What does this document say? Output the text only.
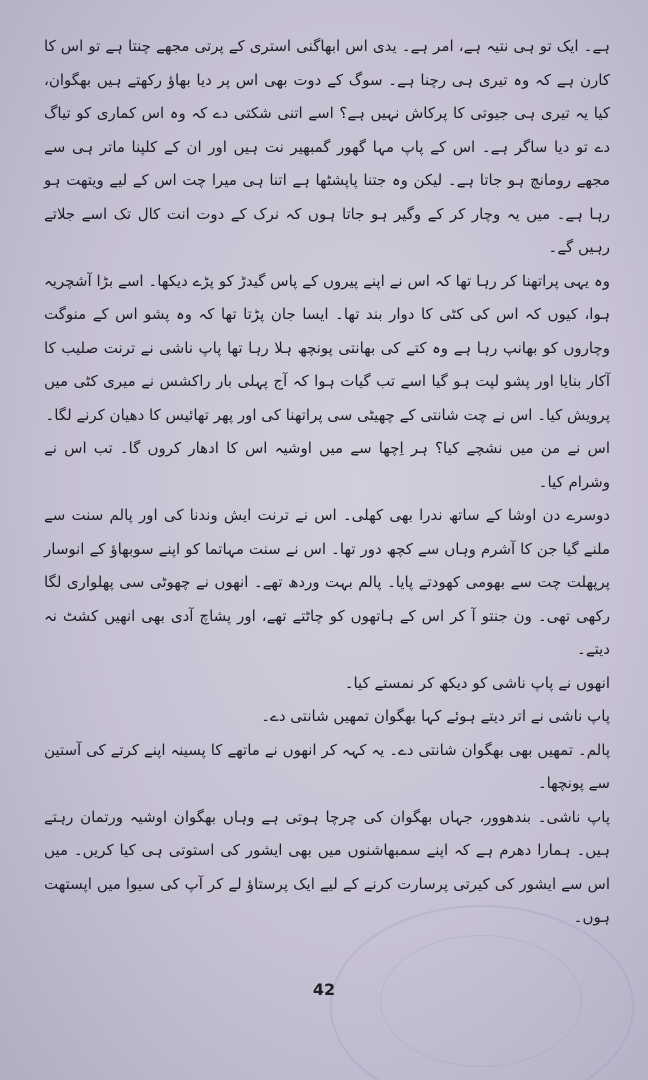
ہے۔ ایک تو ہی نتیہ ہے، امر ہے۔ یدی اس ابھاگنی استری کے پرتی مجھے چنتا ہے تو اس کا کارن ہے کہ وہ تیری ہی رچنا ہے۔ سوگ کے دوت بھی اس پر دیا بھاؤ رکھتے ہیں بھگوان، کیا یہ تیری ہی جیوتی کا پرکاش نہیں ہے؟ اسے اتنی شکتی دے کہ وہ اس کماری کو تیاگ دے تو دیا ساگر ہے۔ اس کے پاپ مہا گھور گمبھیر نت ہیں اور ان کے کلپنا ماتر ہی سے مجھے رومانچ ہو جاتا ہے۔ لیکن وہ جتنا پاپشٹھا ہے اتنا ہی میرا چت اس کے لیے ویتھت ہو رہا ہے۔ میں یہ وچار کر کے وگیر ہو جاتا ہوں کہ نرک کے دوت انت کال تک اسے جلاتے رہیں گے۔

وہ یہی پراتھنا کر رہا تھا کہ اس نے اپنے پیروں کے پاس گیدڑ کو پڑے دیکھا۔ اسے بڑا آشچریہ ہوا، کیوں کہ اس کی کٹی کا دوار بند تھا۔ ایسا جان پڑتا تھا کہ وہ پشو اس کے منوگت وچاروں کو بھانپ رہا ہے وہ کتے کی بھانتی پونچھ ہلا رہا تھا پاپ ناشی نے ترنت صلیب کا آکار بنایا اور پشو لپت ہو گیا اسے تب گیات ہوا کہ آج پہلی بار راکشس نے میری کٹی میں پرویش کیا۔ اس نے چت شانتی کے چھیٹی سی پراتھنا کی اور پھر تھائیس کا دھیان کرنے لگا۔

اس نے من میں نشچے کیا؟ ہر اِچھا سے میں اوشیہ اس کا ادھار کروں گا۔ تب اس نے وشرام کیا۔

دوسرے دن اوشا کے ساتھ ندرا بھی کھلی۔ اس نے ترنت ایش وندنا کی اور پالم سنت سے ملنے گیا جن کا آشرم وہاں سے کچھ دور تھا۔ اس نے سنت مہاتما کو اپنے سوبھاؤ کے انوسار پرپھلت چت سے بھومی کھودتے پایا۔ پالم بہت وردھ تھے۔ انھوں نے چھوٹی سی پھلواری لگا رکھی تھی۔ ون جنتو آ کر اس کے ہاتھوں کو چاٹتے تھے، اور پشاچ آدی بھی انھیں کشٹ نہ دیتے۔

انھوں نے پاپ ناشی کو دیکھ کر نمستے کیا۔

پاپ ناشی نے اتر دیتے ہوئے کہا بھگوان تمھیں شانتی دے۔

پالم۔ تمھیں بھی بھگوان شانتی دے۔ یہ کہہ کر انھوں نے ماتھے کا پسینہ اپنے کرتے کی آستین سے پونچھا۔

پاپ ناشی۔ بندھوور، جہاں بھگوان کی چرچا ہوتی ہے وہاں بھگوان اوشیہ ورتمان رہتے ہیں۔ ہمارا دھرم ہے کہ اپنے سمبھاشنوں میں بھی ایشور کی استوتی ہی کیا کریں۔ میں اس سے ایشور کی کیرتی پرسارت کرنے کے لیے ایک پرستاؤ لے کر آپ کی سیوا میں اپستھت ہوں۔

42
